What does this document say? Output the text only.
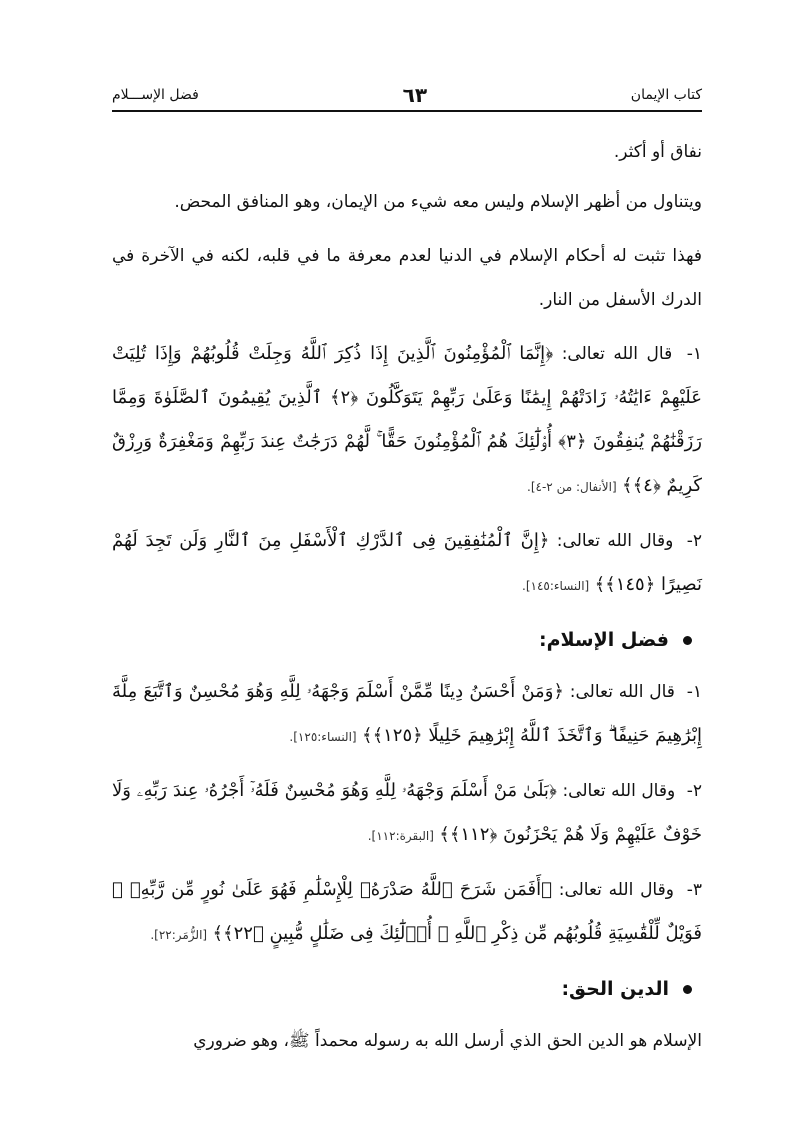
كتاب الإيمان
٦٣
فضل الإســـلام

نفاق أو أكثر.

ويتناول من أظهر الإسلام وليس معه شيء من الإيمان، وهو المنافق المحض.

فهذا تثبت له أحكام الإسلام في الدنيا لعدم معرفة ما في قلبه، لكنه في الآخرة في الدرك الأسفل من النار.

١- قال الله تعالى: ﴿إِنَّمَا ٱلْمُؤْمِنُونَ ٱلَّذِينَ إِذَا ذُكِرَ ٱللَّهُ وَجِلَتْ قُلُوبُهُمْ وَإِذَا تُلِيَتْ عَلَيْهِمْ ءَايَٰتُهُۥ زَادَتْهُمْ إِيمَٰنًا وَعَلَىٰ رَبِّهِمْ يَتَوَكَّلُونَ ﴿٢﴾ ٱلَّذِينَ يُقِيمُونَ ٱلصَّلَوٰةَ وَمِمَّا رَزَقْنَٰهُمْ يُنفِقُونَ ﴿٣﴾ أُو۟لَٰٓئِكَ هُمُ ٱلْمُؤْمِنُونَ حَقًّا ۚ لَّهُمْ دَرَجَٰتٌ عِندَ رَبِّهِمْ وَمَغْفِرَةٌ وَرِزْقٌ كَرِيمٌ ﴿٤﴾﴾ [الأنفال: من ٢-٤].
٢- وقال الله تعالى: ﴿إِنَّ ٱلْمُنَٰفِقِينَ فِى ٱلدَّرْكِ ٱلْأَسْفَلِ مِنَ ٱلنَّارِ وَلَن تَجِدَ لَهُمْ نَصِيرًا ﴿١٤٥﴾﴾ [النساء:١٤٥].
فضل الإسلام:
١- قال الله تعالى: ﴿وَمَنْ أَحْسَنُ دِينًا مِّمَّنْ أَسْلَمَ وَجْهَهُۥ لِلَّهِ وَهُوَ مُحْسِنٌ وَٱتَّبَعَ مِلَّةَ إِبْرَٰهِيمَ حَنِيفًا ۗ وَٱتَّخَذَ ٱللَّهُ إِبْرَٰهِيمَ خَلِيلًا ﴿١٢٥﴾﴾ [النساء:١٢٥].
٢- وقال الله تعالى: ﴿بَلَىٰ مَنْ أَسْلَمَ وَجْهَهُۥ لِلَّهِ وَهُوَ مُحْسِنٌ فَلَهُۥٓ أَجْرُهُۥ عِندَ رَبِّهِۦ وَلَا خَوْفٌ عَلَيْهِمْ وَلَا هُمْ يَحْزَنُونَ ﴿١١٢﴾﴾ [البقرة:١١٢].
٣- وقال الله تعالى: ﴿أَفَمَن شَرَحَ ٱللَّهُ صَدْرَهُۥ لِلْإِسْلَٰمِ فَهُوَ عَلَىٰ نُورٍ مِّن رَّبِّهِۦ ۚ فَوَيْلٌ لِّلْقَٰسِيَةِ قُلُوبُهُم مِّن ذِكْرِ ٱللَّهِ ۚ أُو۟لَٰٓئِكَ فِى ضَلَٰلٍ مُّبِينٍ ﴿٢٢﴾﴾ [الزُّمَر:٢٢].
الدين الحق:

الإسلام هو الدين الحق الذي أرسل الله به رسوله محمداً ﷺ، وهو ضروري
